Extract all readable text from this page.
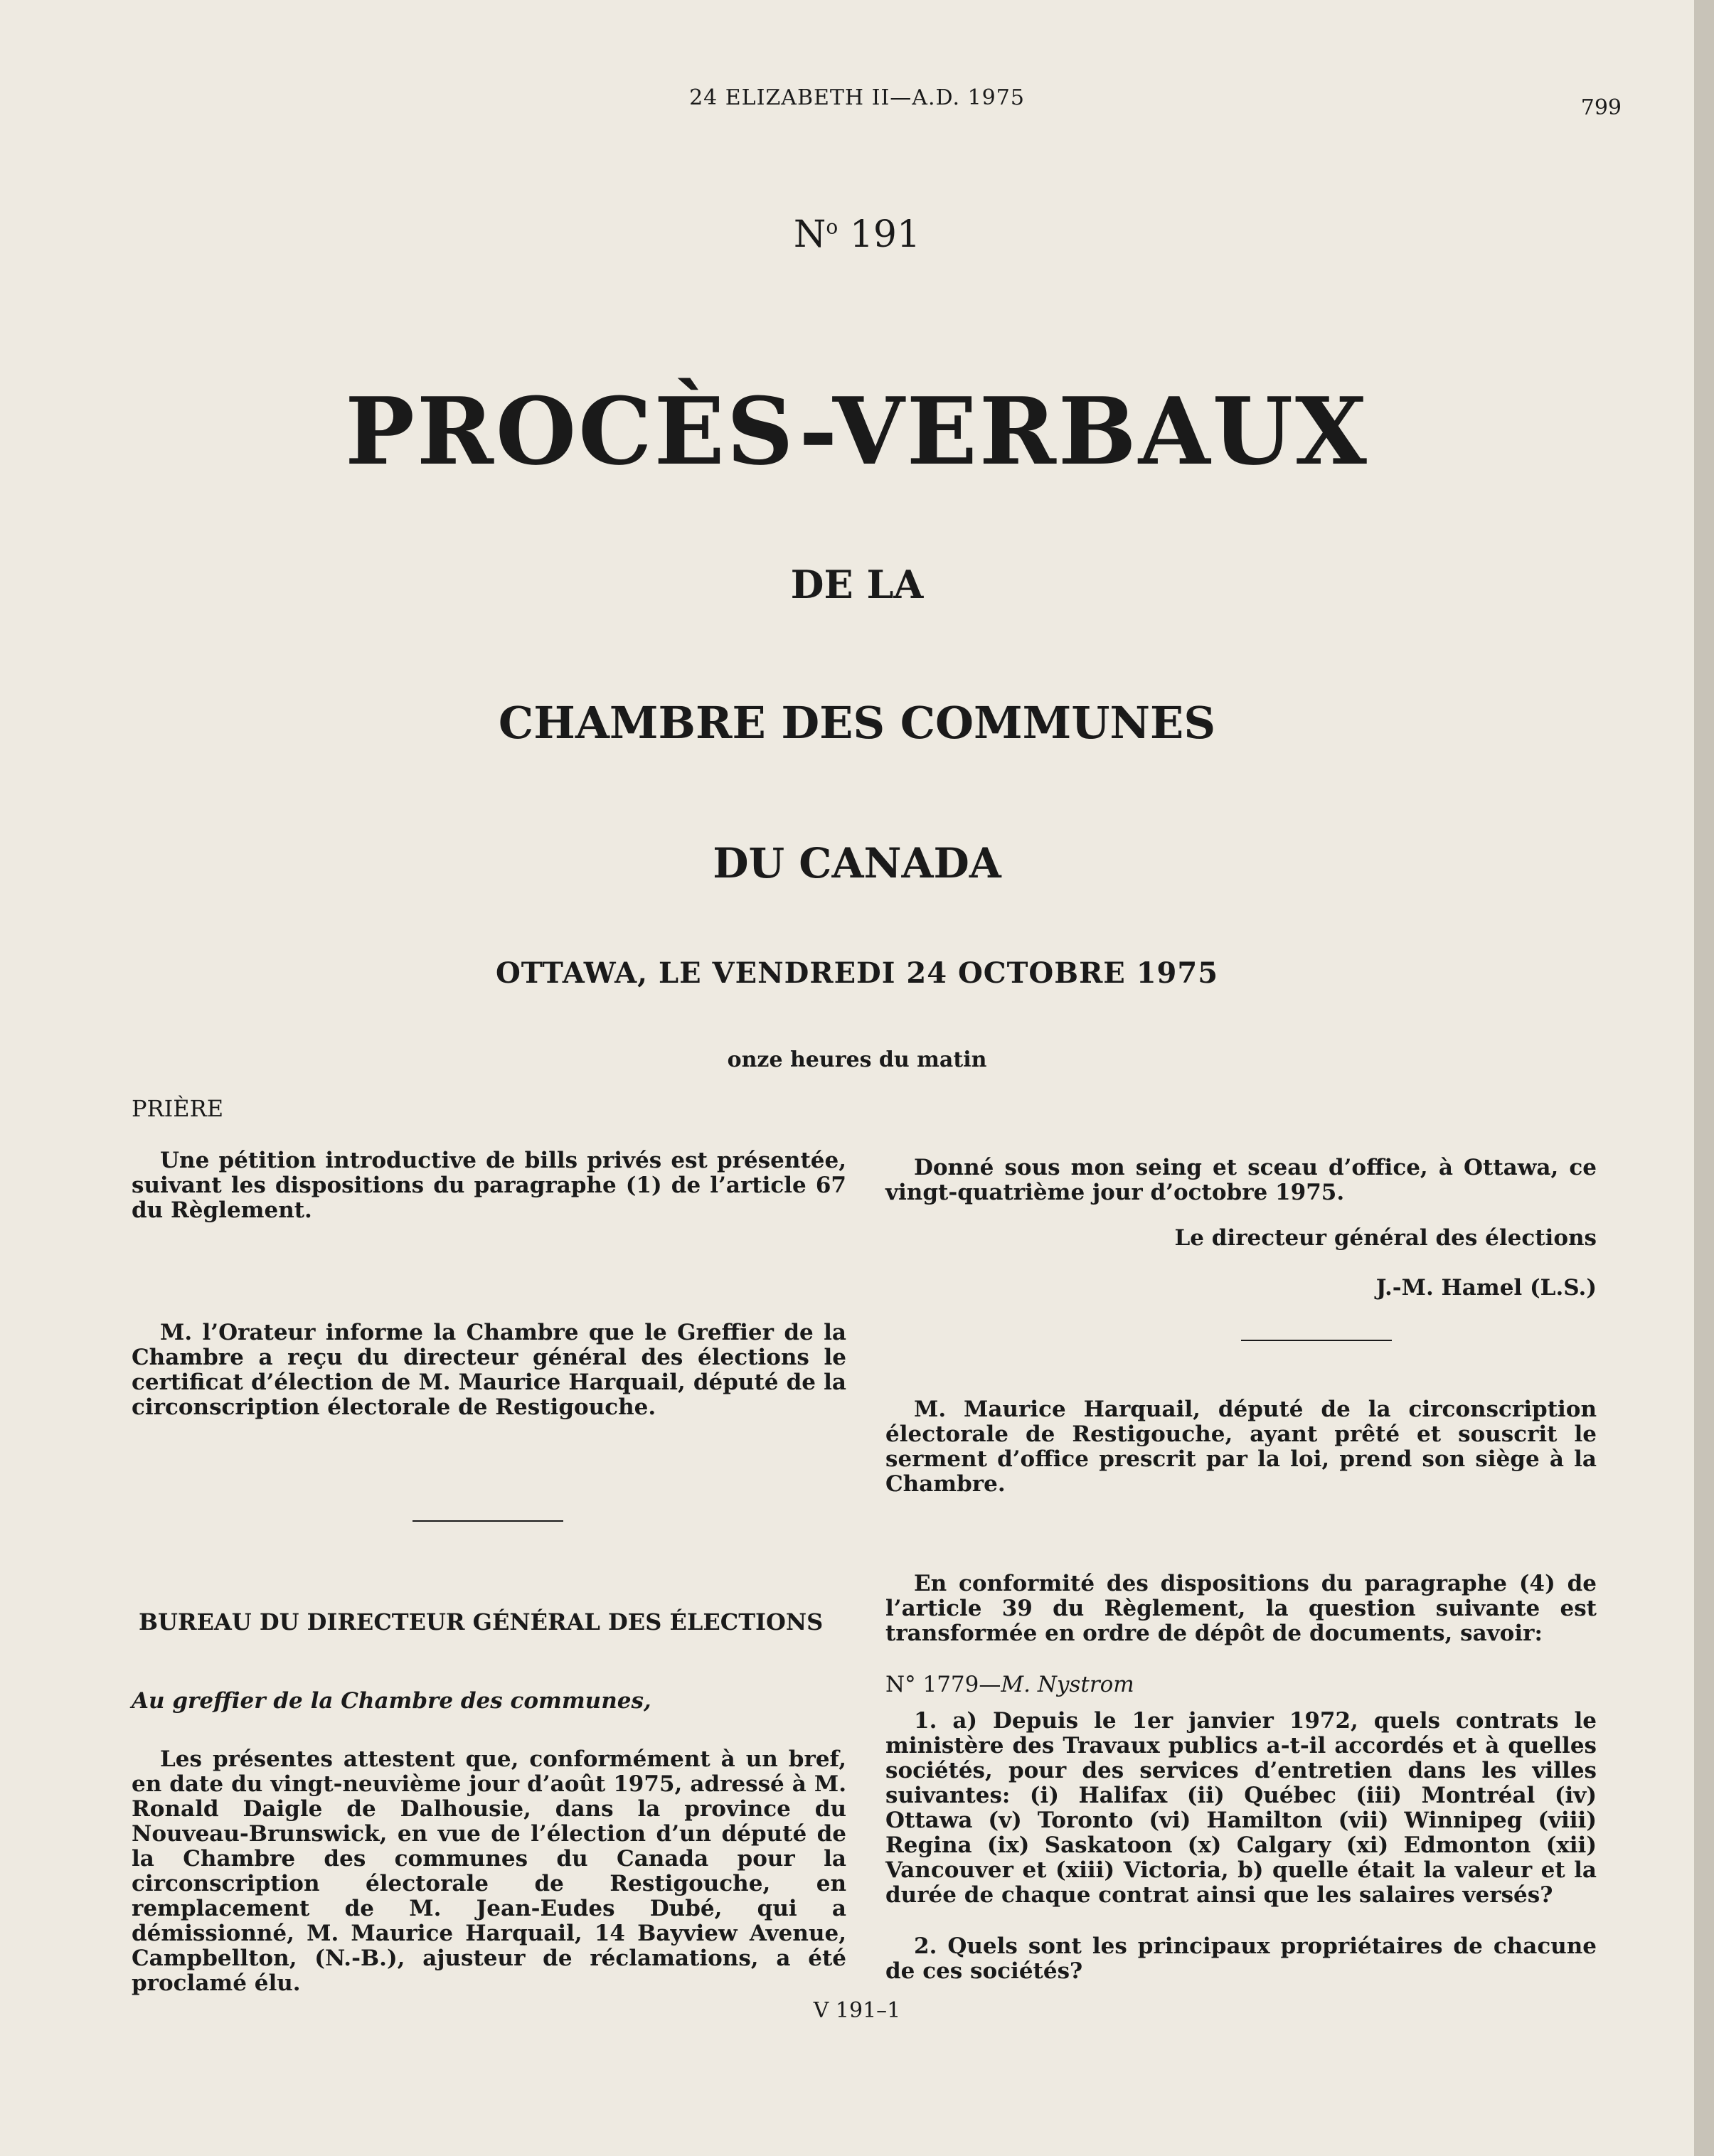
24 ELIZABETH II—A.D. 1975	799
$N^o$ 191
PROCÈS-VERBAUX
DE LA
CHAMBRE DES COMMUNES
DU CANADA
OTTAWA, LE VENDREDI 24 OCTOBRE 1975
onze heures du matin
PRIÈRE
Une pétition introductive de bills privés est présentée, suivant les dispositions du paragraphe (1) de l’article 67 du Règlement.
M. l’Orateur informe la Chambre que le Greffier de la Chambre a reçu du directeur général des élections le certificat d’élection de M. Maurice Harquail, député de la circonscription électorale de Restigouche.
BUREAU DU DIRECTEUR GÉNÉRAL DES ÉLECTIONS
Au greffier de la Chambre des communes,
Les présentes attestent que, conformément à un bref, en date du vingt-neuvième jour d’août 1975, adressé à M. Ronald Daigle de Dalhousie, dans la province du Nouveau-Brunswick, en vue de l’élection d’un député de la Chambre des communes du Canada pour la circonscription électorale de Restigouche, en remplacement de M. Jean-Eudes Dubé, qui a démissionné, M. Maurice Harquail, 14 Bayview Avenue, Campbellton, (N.-B.), ajusteur de réclamations, a été proclamé élu.
Donné sous mon seing et sceau d’office, à Ottawa, ce vingt-quatrième jour d’octobre 1975.
Le directeur général des élections
J.-M. Hamel (L.S.)
M. Maurice Harquail, député de la circonscription électorale de Restigouche, ayant prêté et souscrit le serment d’office prescrit par la loi, prend son siège à la Chambre.
En conformité des dispositions du paragraphe (4) de l’article 39 du Règlement, la question suivante est transformée en ordre de dépôt de documents, savoir:
N° 1779—M. Nystrom
1. a) Depuis le 1er janvier 1972, quels contrats le ministère des Travaux publics a-t-il accordés et à quelles sociétés, pour des services d’entretien dans les villes suivantes: (i) Halifax (ii) Québec (iii) Montréal (iv) Ottawa (v) Toronto (vi) Hamilton (vii) Winnipeg (viii) Regina (ix) Saskatoon (x) Calgary (xi) Edmonton (xii) Vancouver et (xiii) Victoria, b) quelle était la valeur et la durée de chaque contrat ainsi que les salaires versés?
2. Quels sont les principaux propriétaires de chacune de ces sociétés?
V 191–1
